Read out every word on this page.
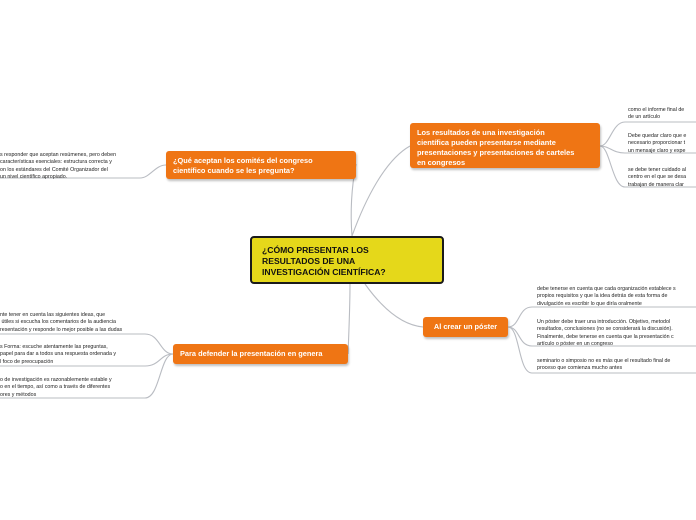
¿CÓMO PRESENTAR LOS
RESULTADOS DE UNA
INVESTIGACIÓN CIENTÍFICA?
¿Qué aceptan los comités del congreso
científico cuando se les pregunta?
Los resultados de una investigación
científica pueden presentarse mediante
presentaciones y presentaciones de carteles
en congresos
Al crear un póster
Para defender la presentación en genera
s responder que aceptan resúmenes, pero deben
características esenciales: estructura correcta y
on los estándares del Comité Organizador del
un nivel científico apropiado.
como el informe final de
de un artículo
Debe quedar claro que e
necesario proporcionar t
un mensaje claro y expe
se debe tener cuidado al
centro en el que se desa
trabajan de manera clar
debe tenerse en cuenta que cada organización establece s
propios requisitos y que la idea detrás de esta forma de
divulgación es escribir lo que diría oralmente
Un póster debe traer una introducción. Objetivo, metodol
resultados, conclusiones (no se considerará la discusión).
Finalmente, debe tenerse en cuenta que la presentación c
artículo o póster en un congreso
seminario o simposio no es más que el resultado final de
proceso que comienza mucho antes
nte tener en cuenta las siguientes ideas, que
útiles si escucha los comentarios de la audiencia
resentación y responde lo mejor posible a las dudas
s Forma: escuche atentamente las preguntas,
papel para dar a todos una respuesta ordenada y
l foco de preocupación
o de investigación es razonablemente estable y
o en el tiempo, así como a través de diferentes
ores y métodos
